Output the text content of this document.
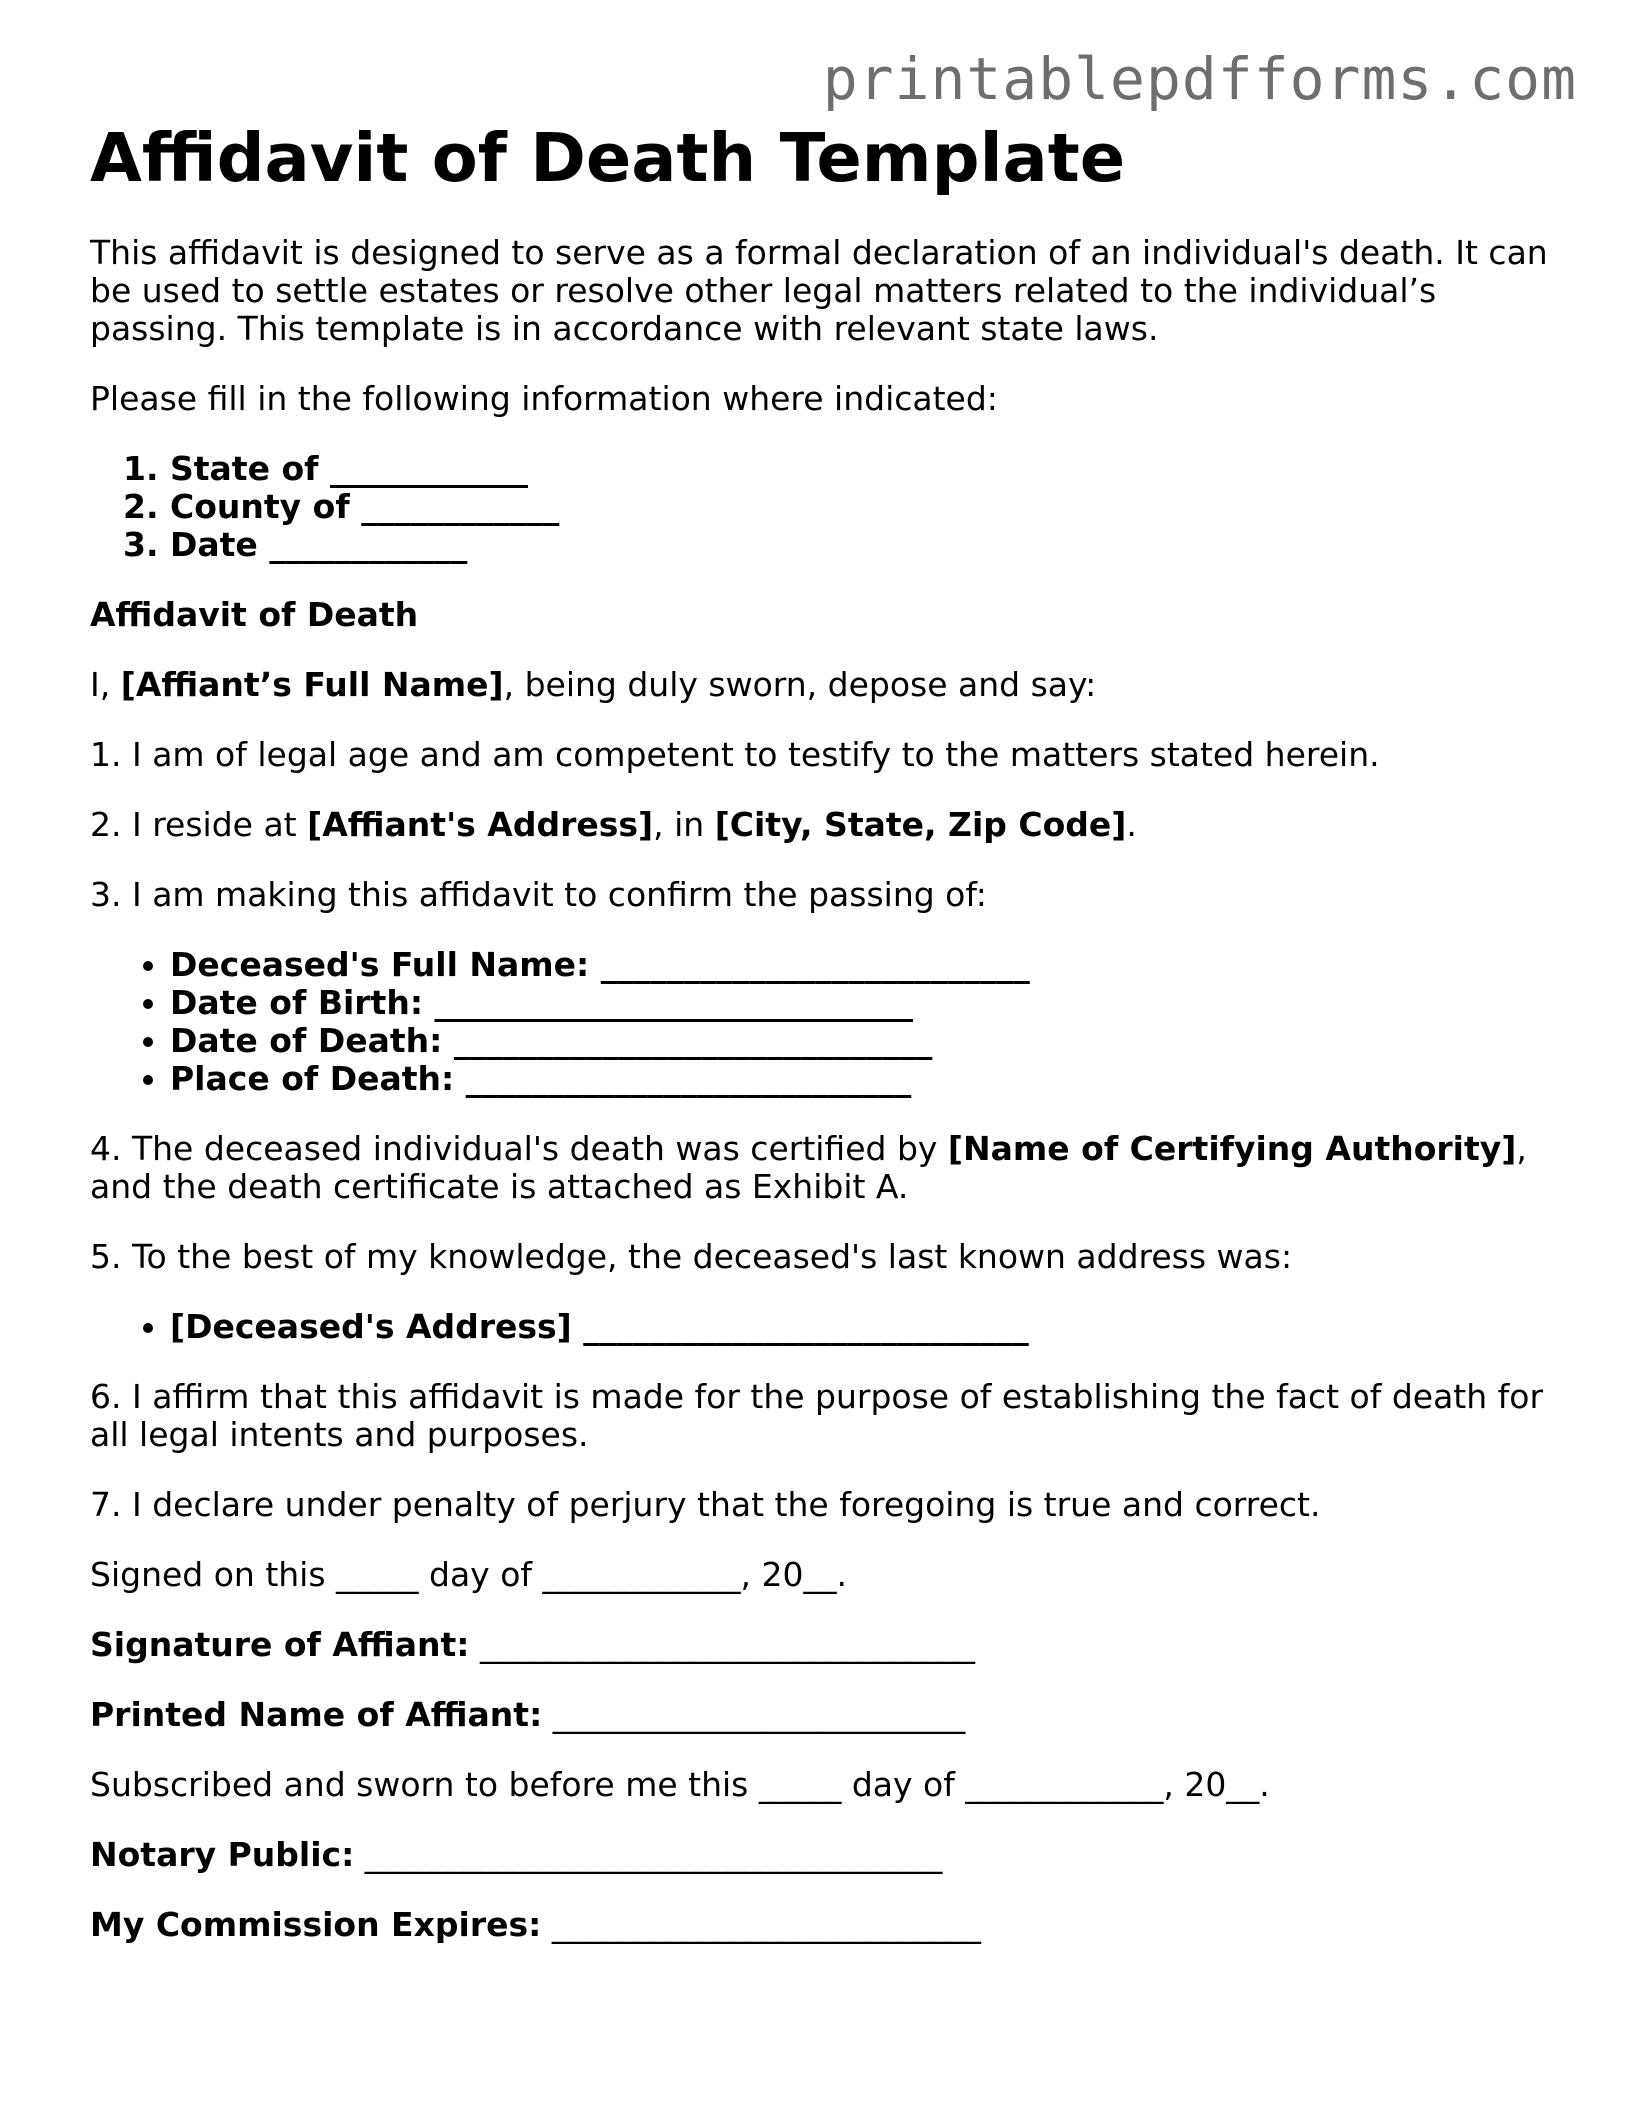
printablepdfforms.com
Affidavit of Death Template

This affidavit is designed to serve as a formal declaration of an individual's death. It can be used to settle estates or resolve other legal matters related to the individual’s passing. This template is in accordance with relevant state laws.

Please fill in the following information where indicated:

1. State of ____________
2. County of ____________
3. Date ____________

Affidavit of Death

I, [Affiant’s Full Name], being duly sworn, depose and say:

1. I am of legal age and am competent to testify to the matters stated herein.

2. I reside at [Affiant's Address], in [City, State, Zip Code].

3. I am making this affidavit to confirm the passing of:

• Deceased's Full Name: __________________________
• Date of Birth: _____________________________
• Date of Death: _____________________________
• Place of Death: ___________________________

4. The deceased individual's death was certified by [Name of Certifying Authority], and the death certificate is attached as Exhibit A.

5. To the best of my knowledge, the deceased's last known address was:

• [Deceased's Address] ___________________________

6. I affirm that this affidavit is made for the purpose of establishing the fact of death for all legal intents and purposes.

7. I declare under penalty of perjury that the foregoing is true and correct.

Signed on this _____ day of ____________, 20__.

Signature of Affiant: ______________________________

Printed Name of Affiant: _________________________

Subscribed and sworn to before me this _____ day of ____________, 20__.

Notary Public: ___________________________________

My Commission Expires: __________________________
